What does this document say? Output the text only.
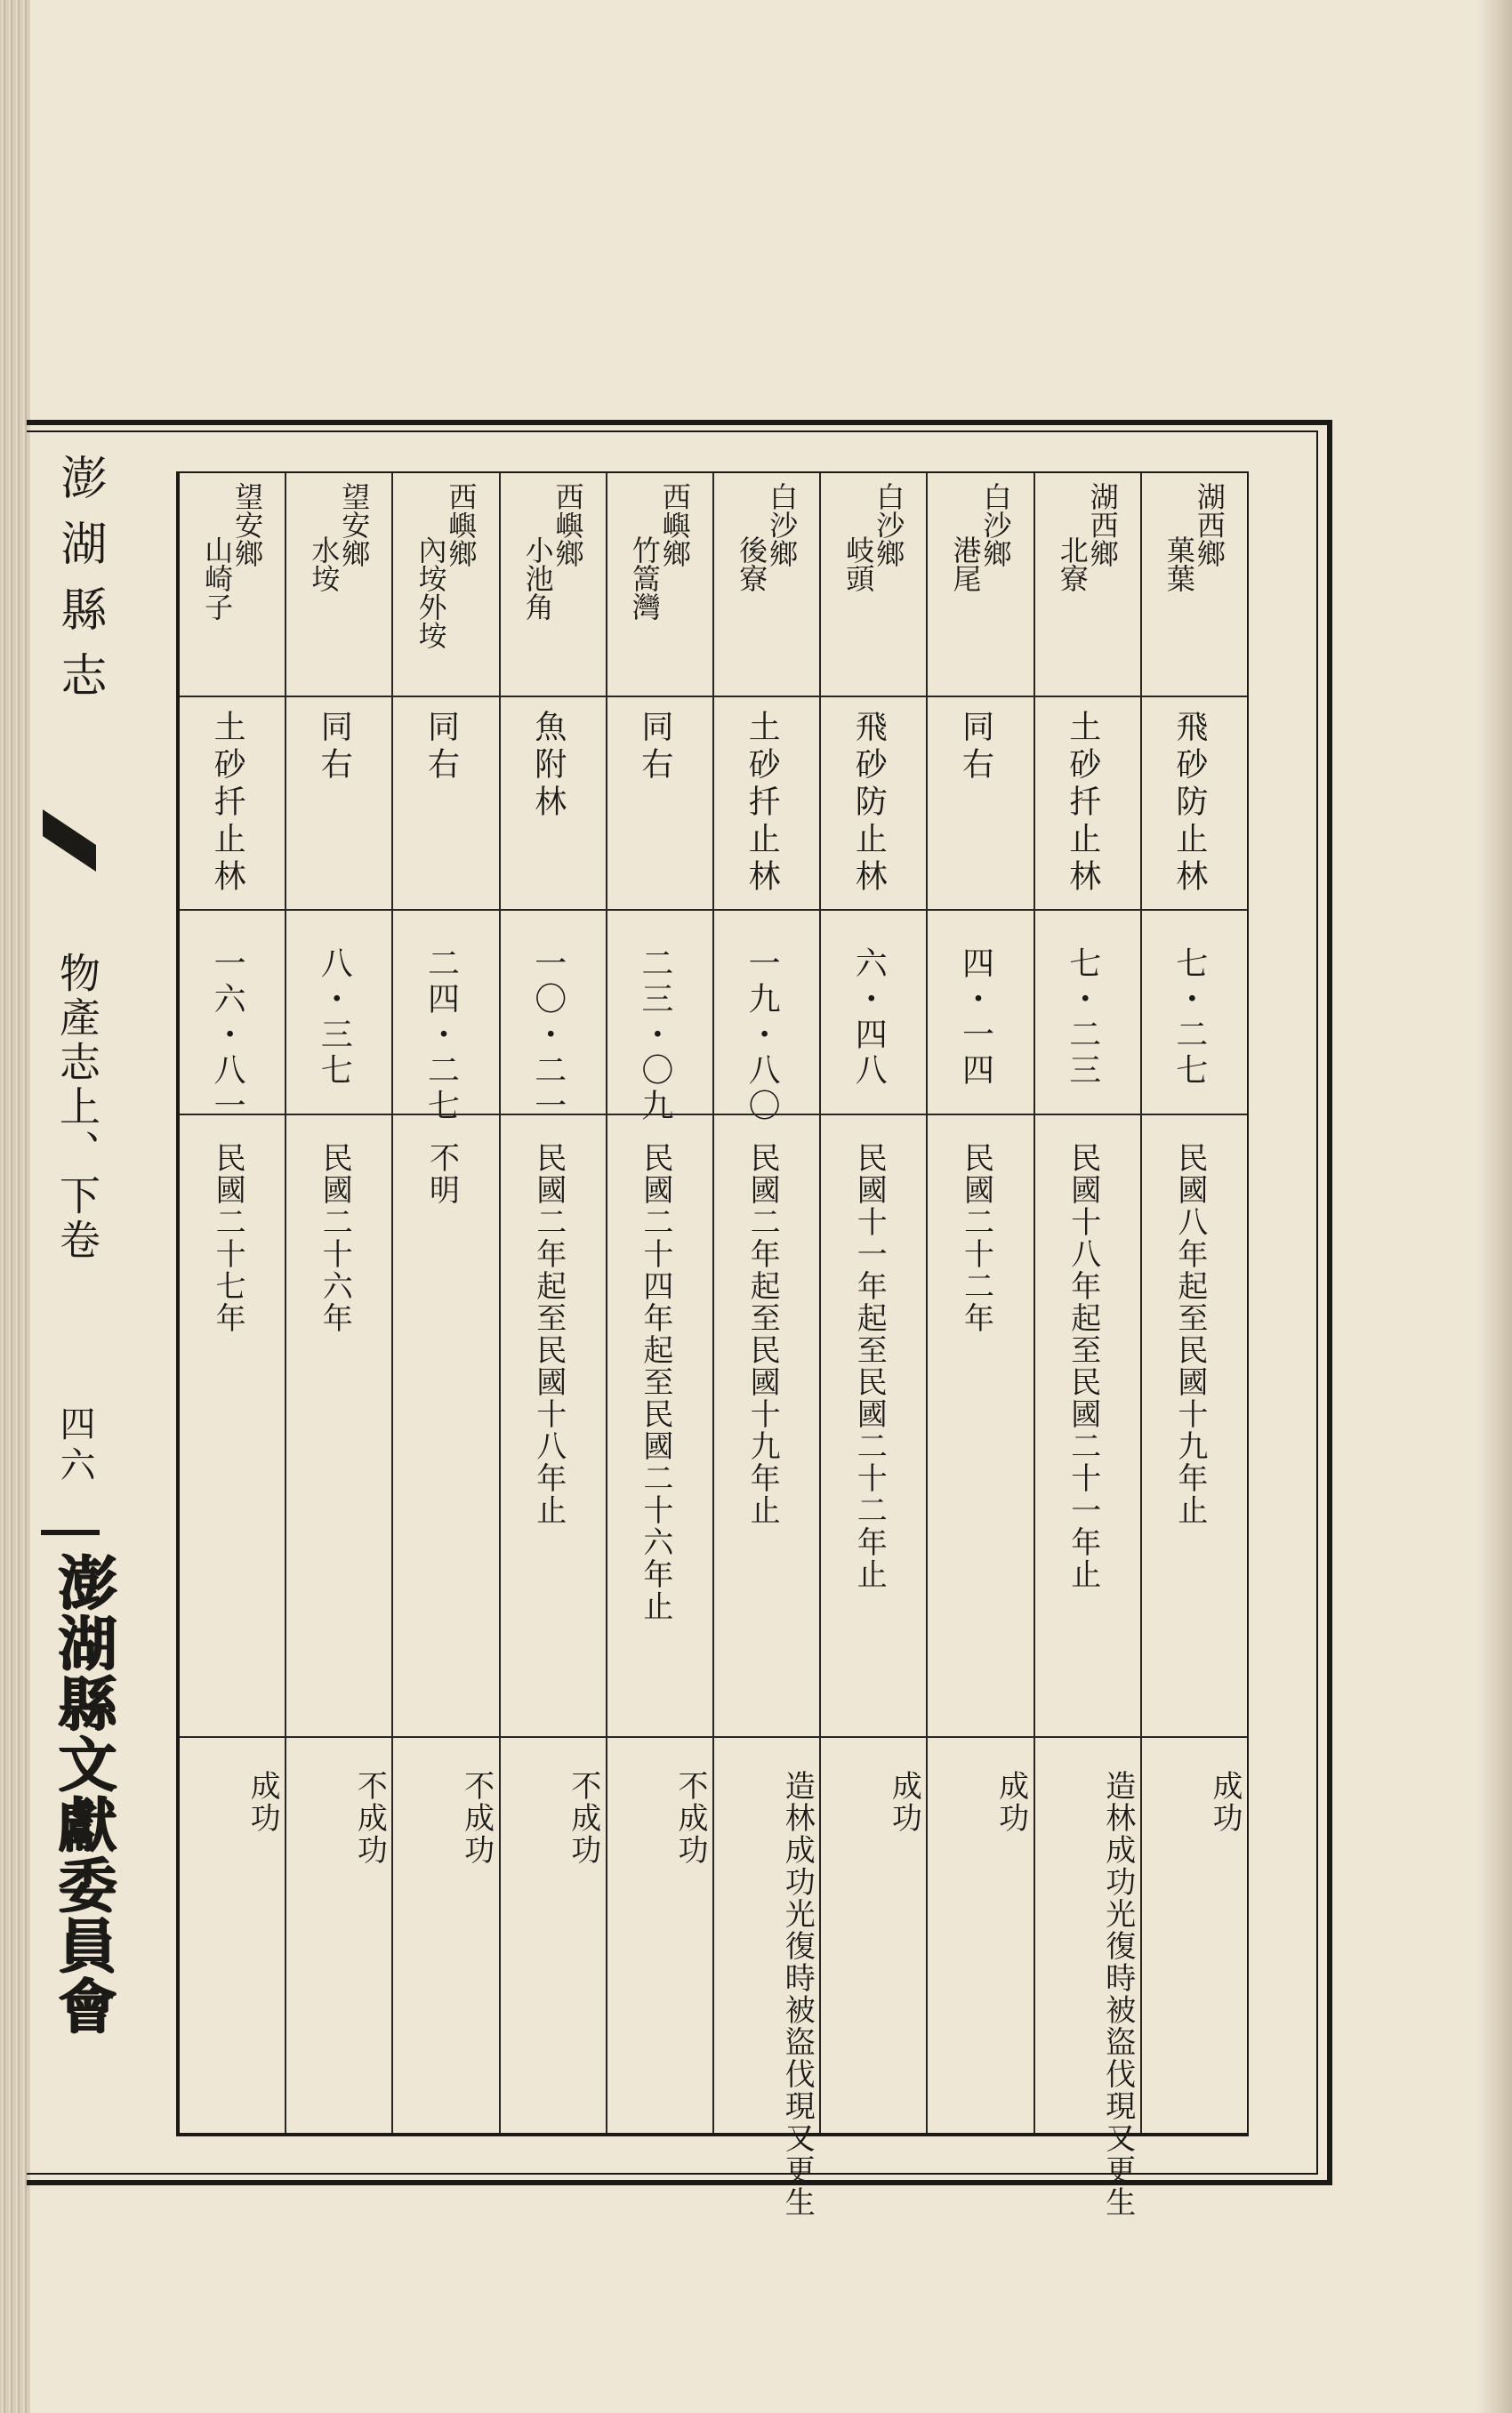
澎湖縣志
物產志上、下卷
四六
澎湖縣文獻委員會
湖西鄉
菓葉
飛砂防止林
七・二七
民國八年起至民國十九年止
成功
湖西鄉
北寮
土砂扦止林
七・二三
民國十八年起至民國二十一年止
造林成功光復時被盜伐現又更生
白沙鄉
港尾
同右
四・一四
民國二十二年
成功
白沙鄉
岐頭
飛砂防止林
六・四八
民國十一年起至民國二十二年止
成功
白沙鄉
後寮
土砂扦止林
一九・八〇
民國二年起至民國十九年止
造林成功光復時被盜伐現又更生
西嶼鄉
竹篙灣
同右
二三・〇九
民國二十四年起至民國二十六年止
不成功
西嶼鄉
小池角
魚附林
一〇・二一
民國二年起至民國十八年止
不成功
西嶼鄉
內垵外垵
同右
二四・二七
不明
不成功
望安鄉
水垵
同右
八・三七
民國二十六年
不成功
望安鄉
山崎子
土砂扦止林
一六・八一
民國二十七年
成功
